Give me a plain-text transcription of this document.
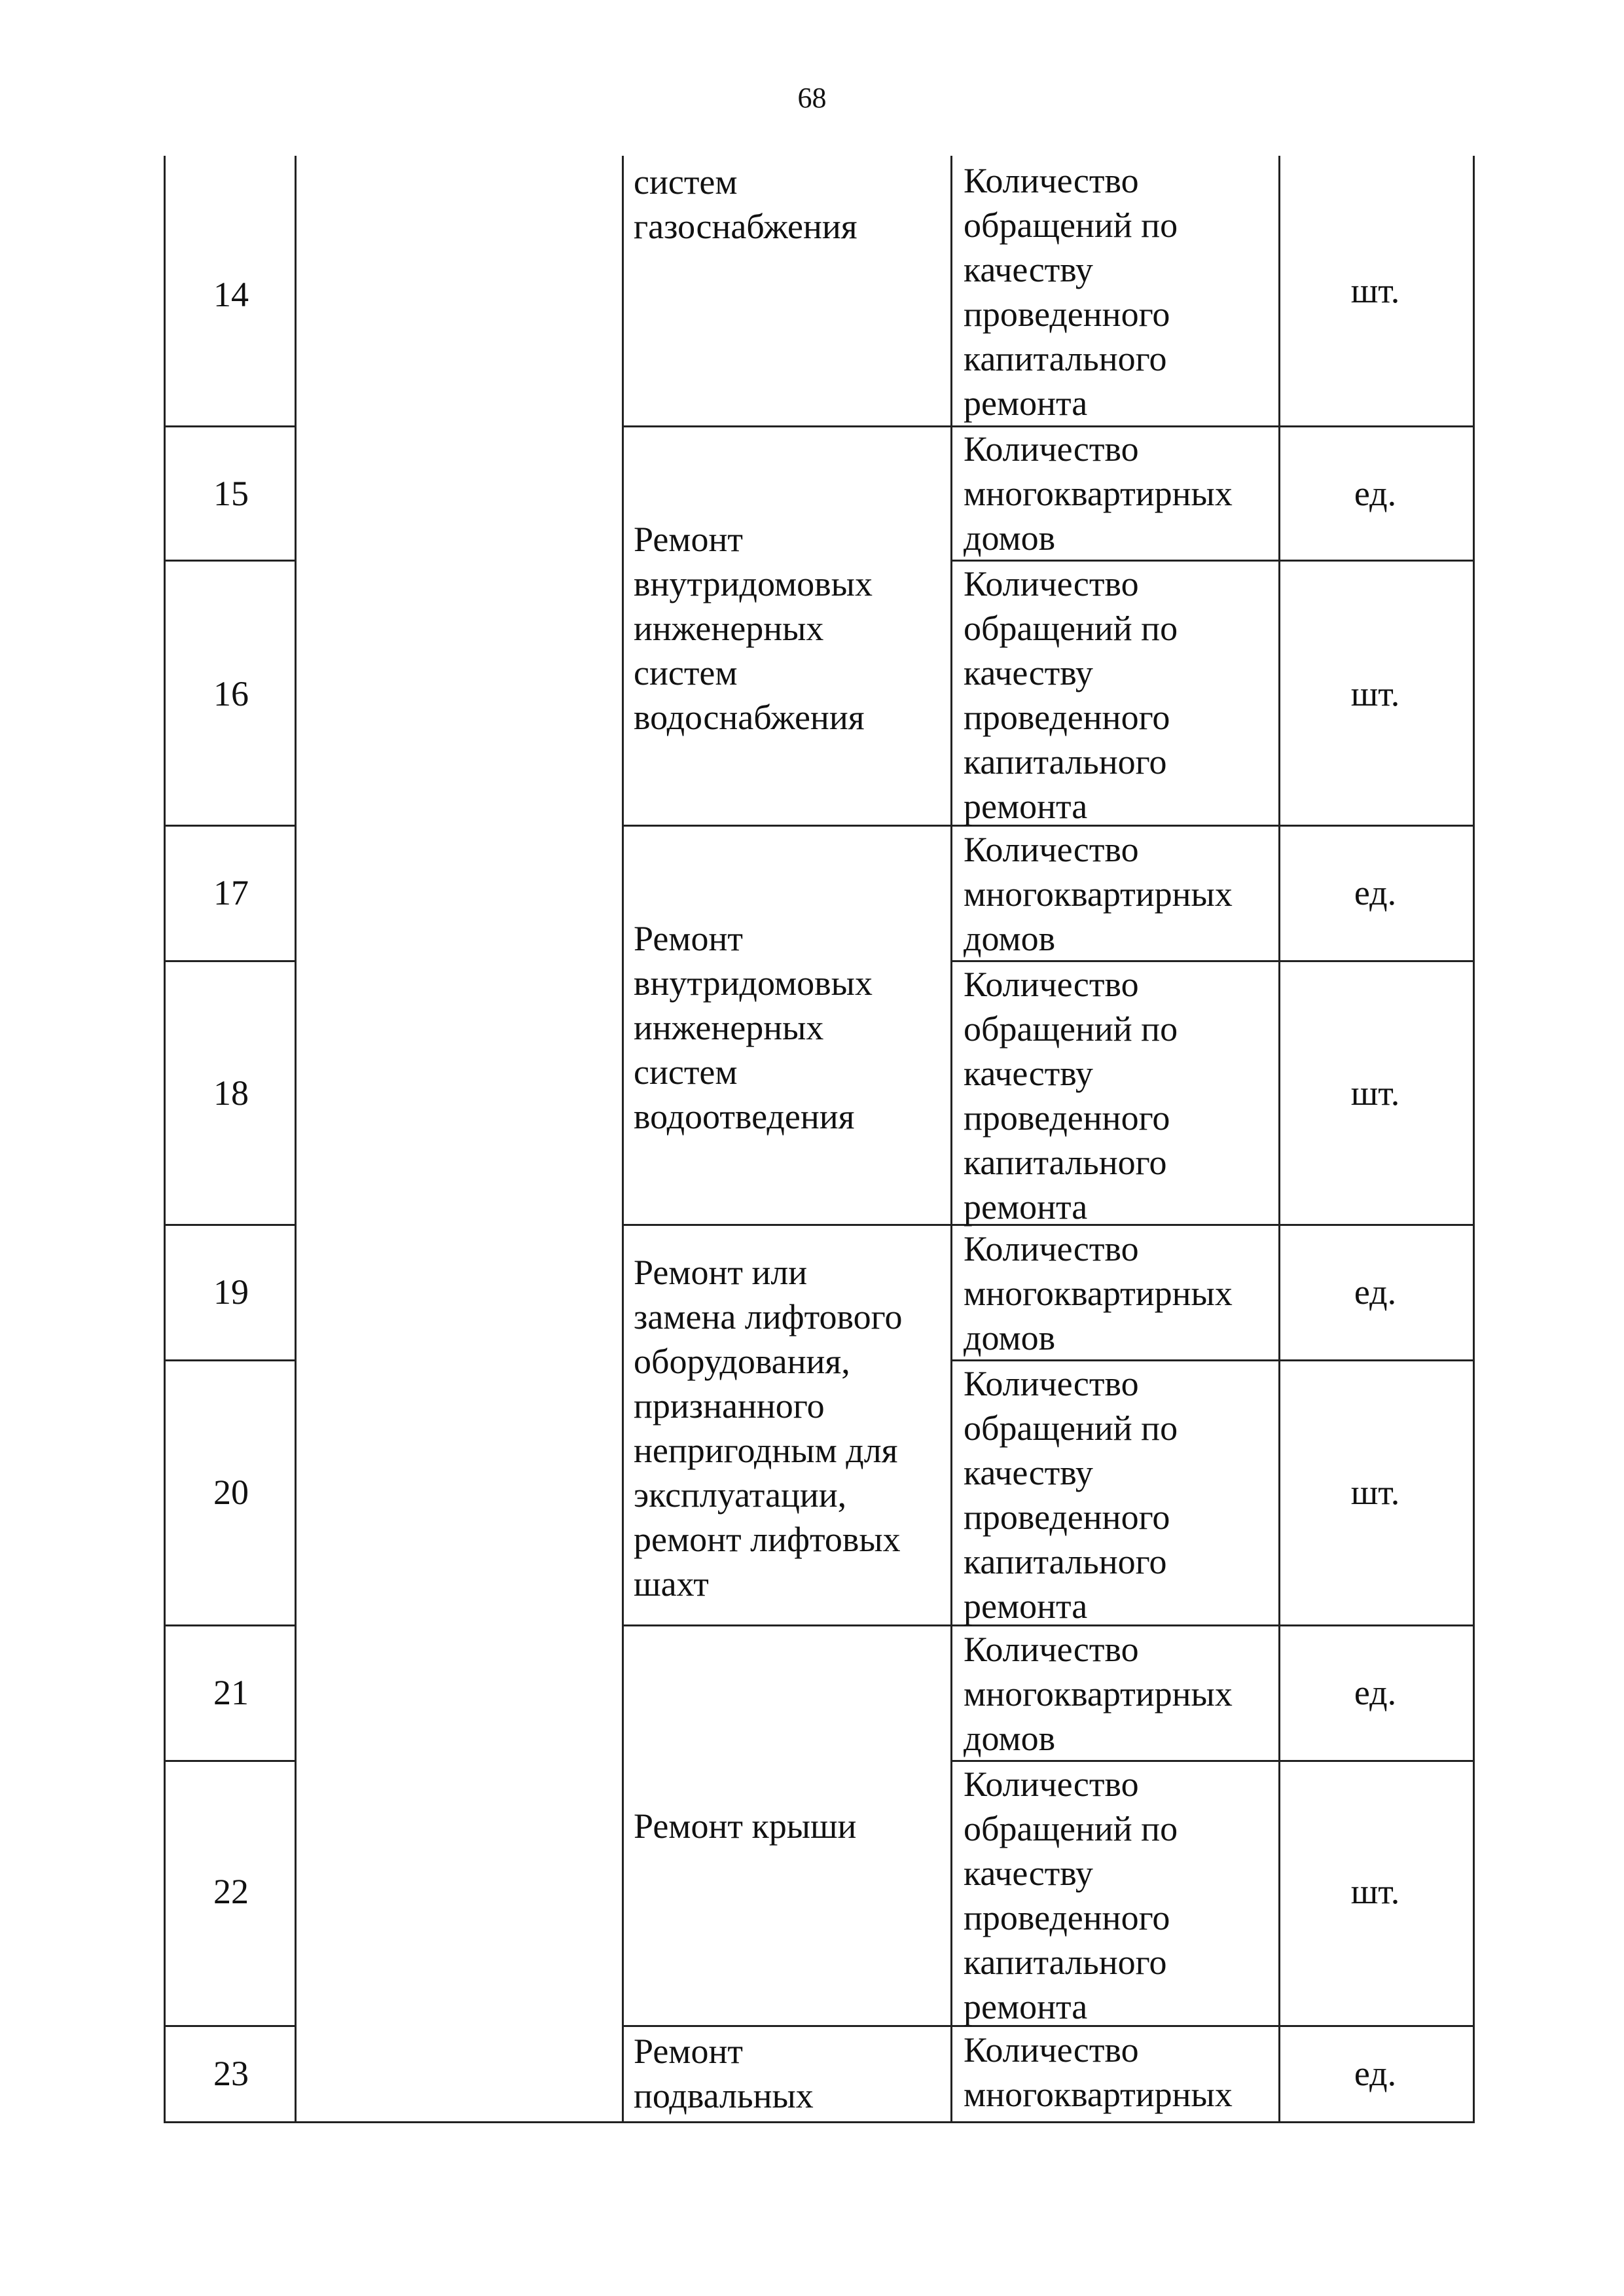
68
14
15
16
17
18
19
20
21
22
23
систем
газоснабжения
Ремонт
внутридомовых
инженерных
систем
водоснабжения
Ремонт
внутридомовых
инженерных
систем
водоотведения
Ремонт или
замена лифтового
оборудования,
признанного
непригодным для
эксплуатации,
ремонт лифтовых
шахт
Ремонт крыши
Ремонт
подвальных
Количество
обращений по
качеству
проведенного
капитального
ремонта
Количество
многоквартирных
домов
Количество
обращений по
качеству
проведенного
капитального
ремонта
Количество
многоквартирных
домов
Количество
обращений по
качеству
проведенного
капитального
ремонта
Количество
многоквартирных
домов
Количество
обращений по
качеству
проведенного
капитального
ремонта
Количество
многоквартирных
домов
Количество
обращений по
качеству
проведенного
капитального
ремонта
Количество
многоквартирных
шт.
ед.
шт.
ед.
шт.
ед.
шт.
ед.
шт.
ед.
